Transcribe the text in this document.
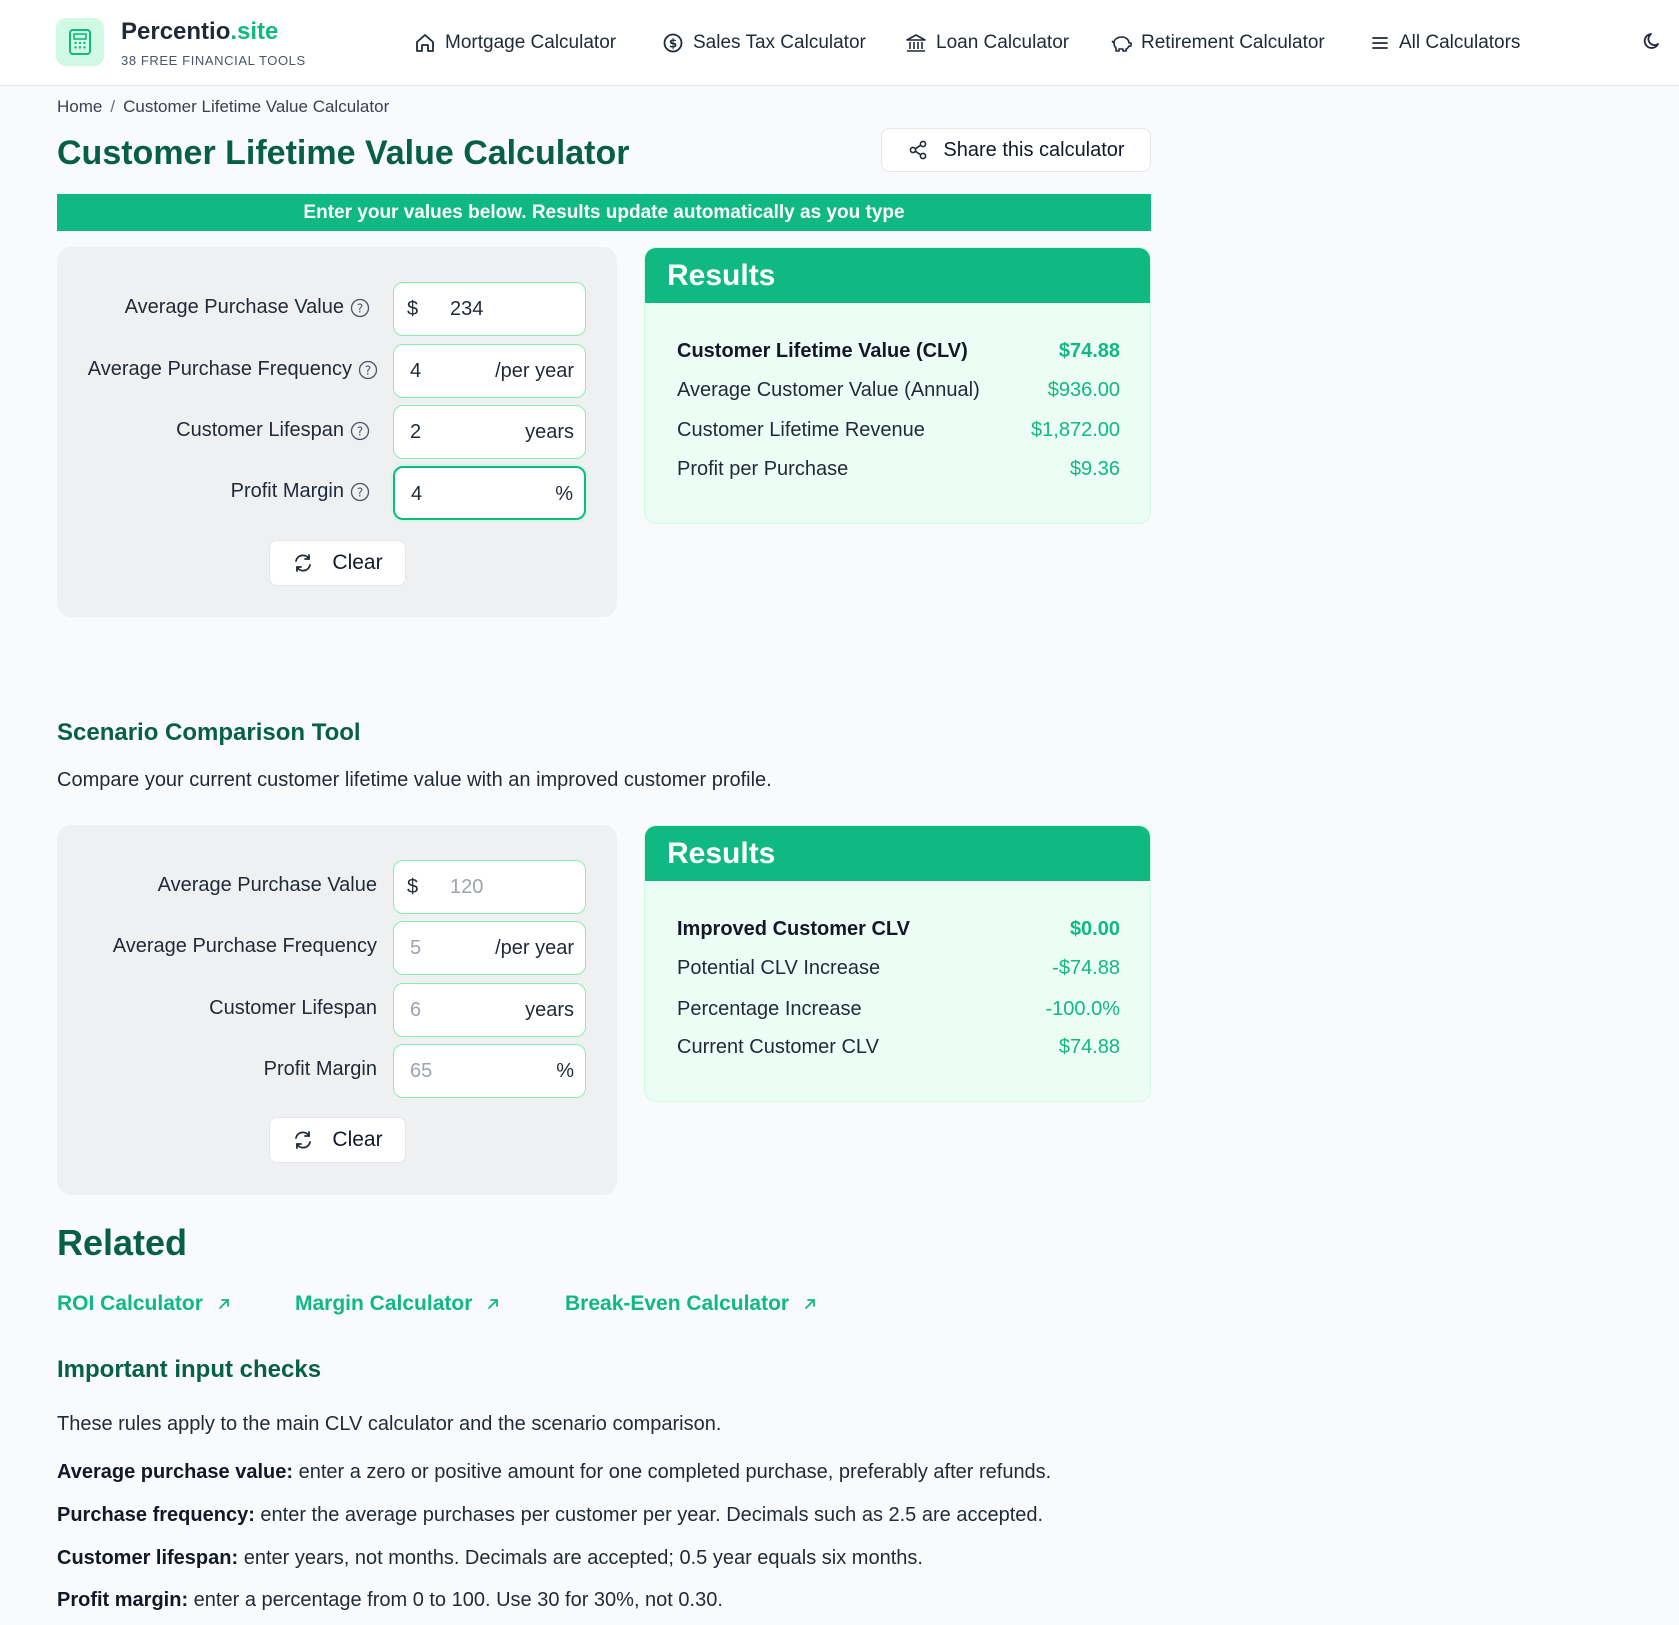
Percentio.site
38 FREE FINANCIAL TOOLS
Mortgage Calculator	$ Sales Tax Calculator	Loan Calculator	Retirement Calculator	All Calculators
Home / Customer Lifetime Value Calculator
Customer Lifetime Value Calculator	Share this calculator
Enter your values below. Results update automatically as you type
Average Purchase Value ? $ 234
Average Purchase Frequency ? 4	/per year
Customer Lifespan ? 2	years
Profit Margin ? 4	%
Clear
Results
Customer Lifetime Value (CLV)	$74.88
Average Customer Value (Annual)	$936.00
Customer Lifetime Revenue	$1,872.00
Profit per Purchase	$9.36
Scenario Comparison Tool
Compare your current customer lifetime value with an improved customer profile.
Average Purchase Value $ 120
Average Purchase Frequency 5	/per year
Customer Lifespan 6	years
Profit Margin 65	%
Clear
Results
Improved Customer CLV	$0.00
Potential CLV Increase	-$74.88
Percentage Increase	-100.0%
Current Customer CLV	$74.88
Related
ROI Calculator	Margin Calculator	Break-Even Calculator
Important input checks
These rules apply to the main CLV calculator and the scenario comparison.
Average purchase value: enter a zero or positive amount for one completed purchase, preferably after refunds.
Purchase frequency: enter the average purchases per customer per year. Decimals such as 2.5 are accepted.
Customer lifespan: enter years, not months. Decimals are accepted; 0.5 year equals six months.
Profit margin: enter a percentage from 0 to 100. Use 30 for 30%, not 0.30.
